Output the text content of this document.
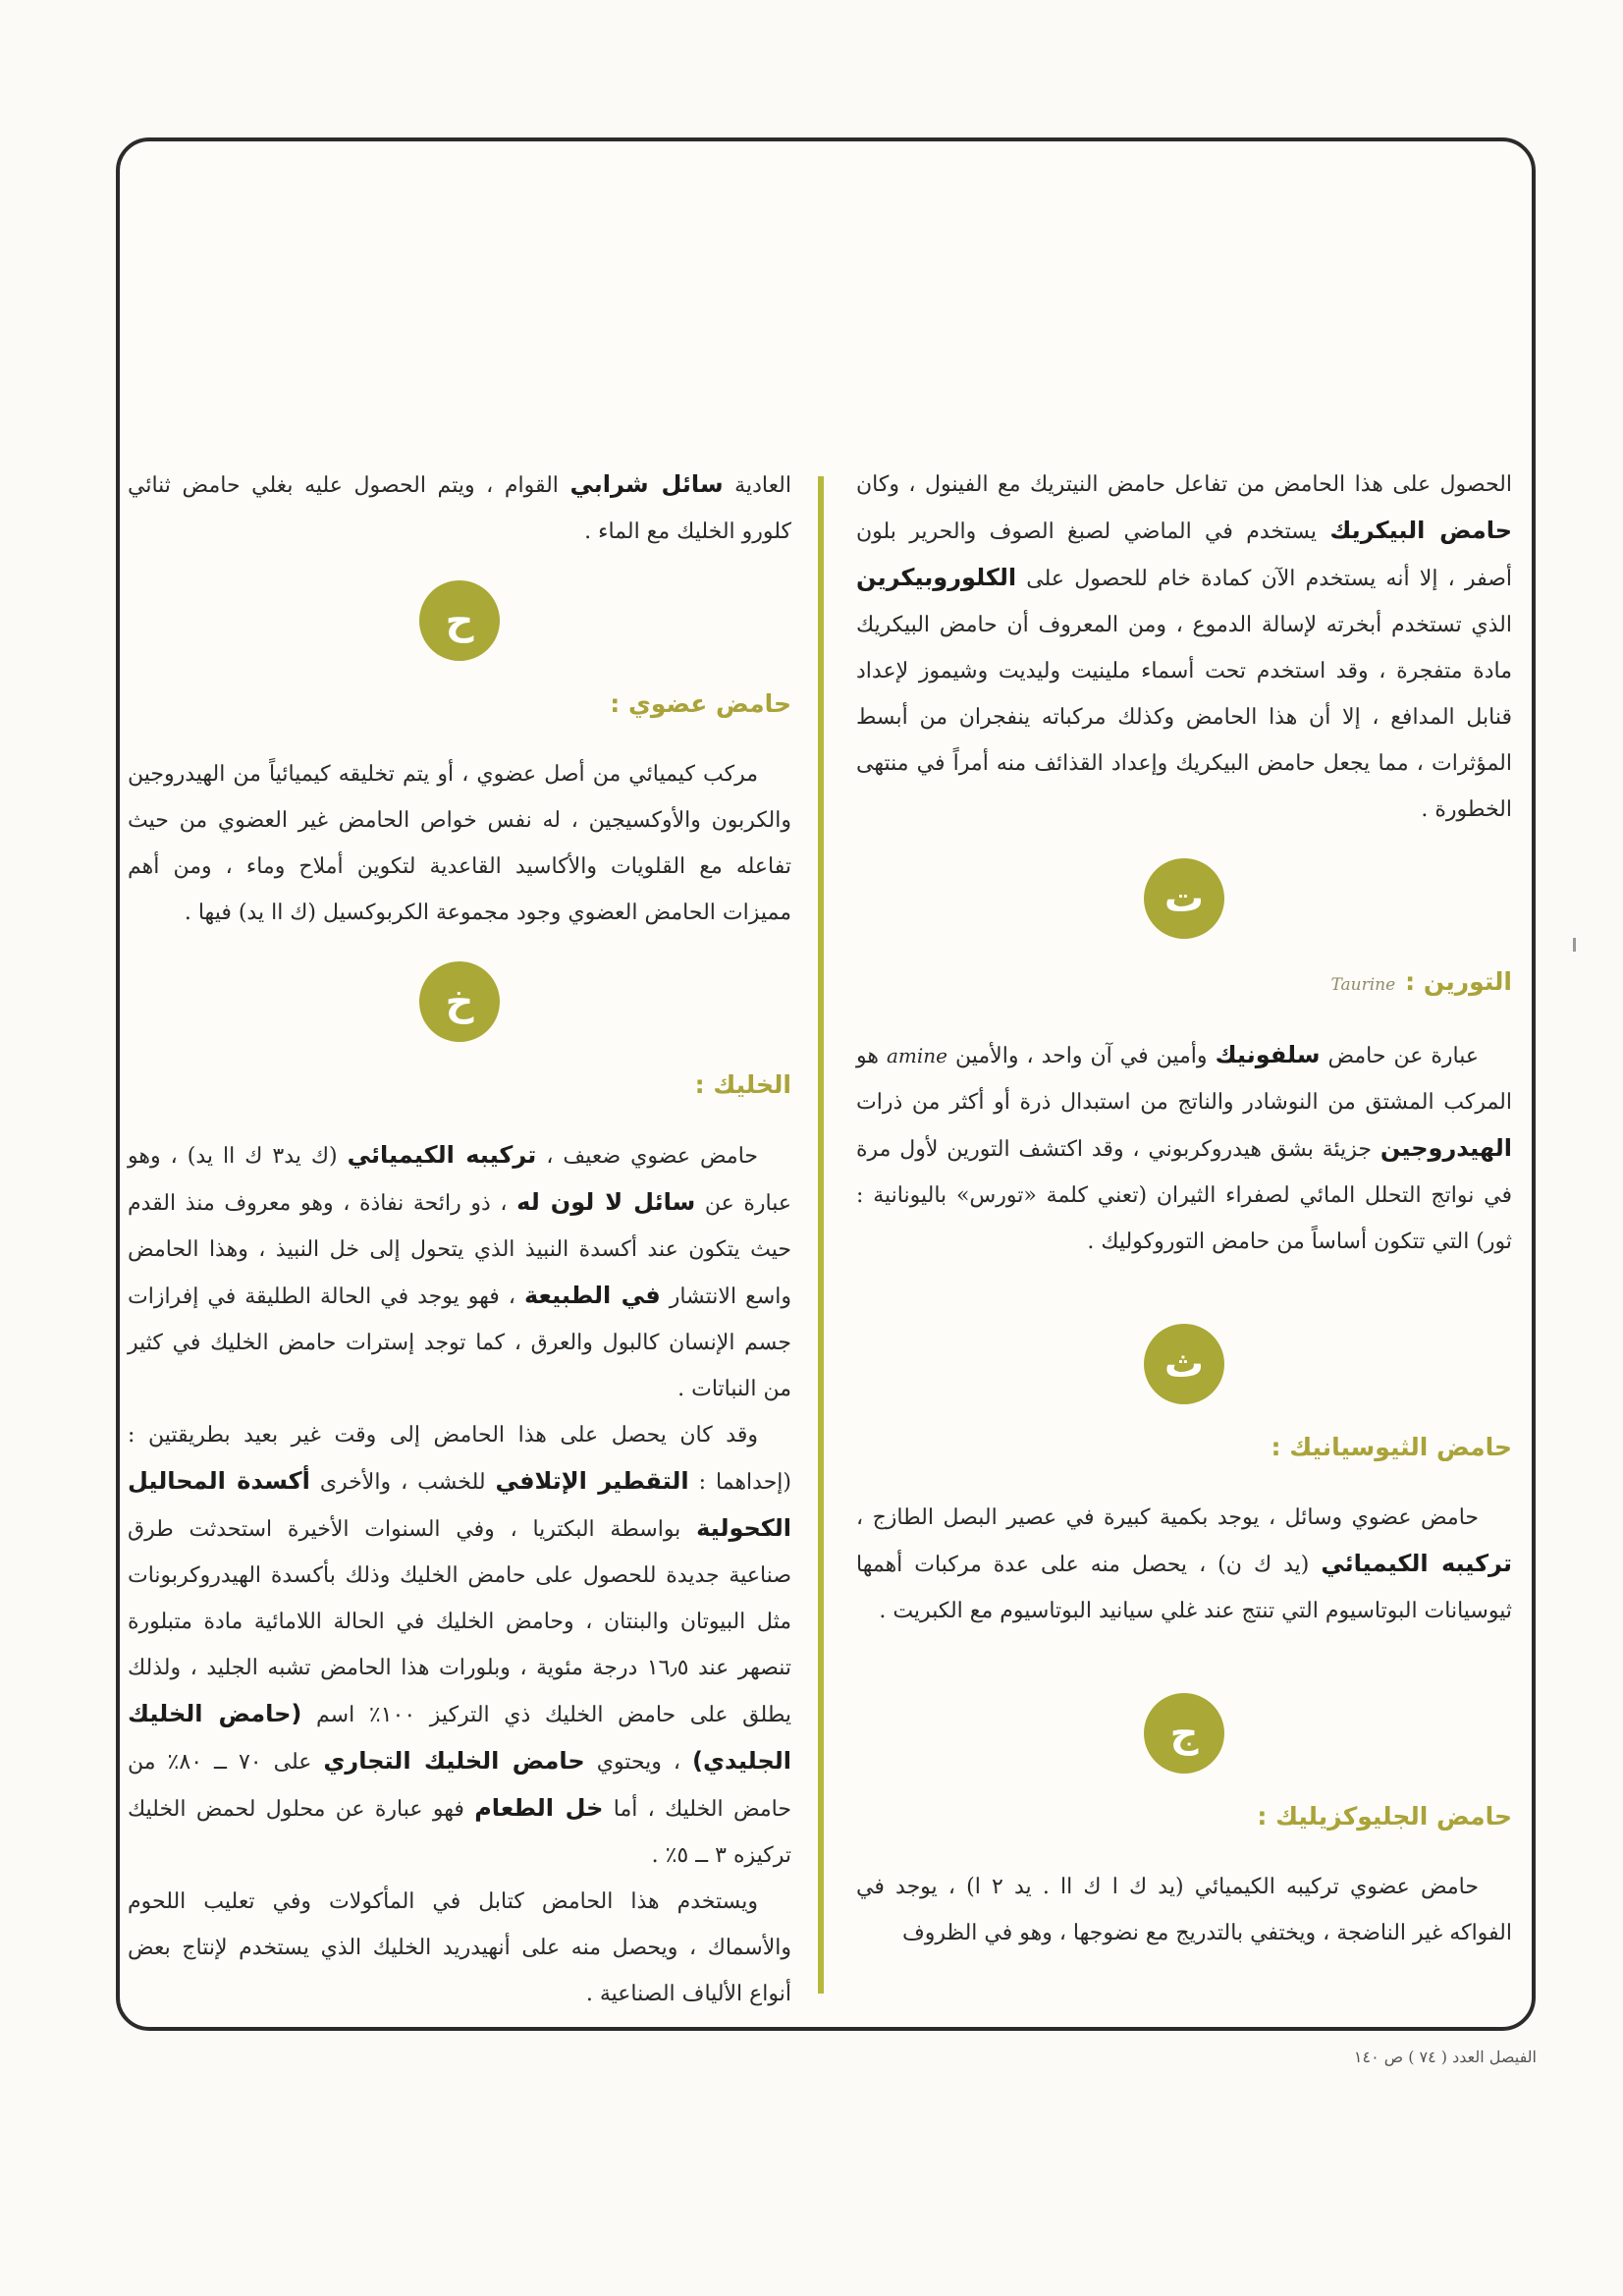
الحصول على هذا الحامض من تفاعل حامض النيتريك مع الفينول ، وكان حامض البيكريك يستخدم في الماضي لصبغ الصوف والحرير بلون أصفر ، إلا أنه يستخدم الآن كمادة خام للحصول على الكلوروبيكرين الذي تستخدم أبخرته لإسالة الدموع ، ومن المعروف أن حامض البيكريك مادة متفجرة ، وقد استخدم تحت أسماء ملينيت وليديت وشيموز لإعداد قنابل المدافع ، إلا أن هذا الحامض وكذلك مركباته ينفجران من أبسط المؤثرات ، مما يجعل حامض البيكريك وإعداد القذائف منه أمراً في منتهى الخطورة .

ت
التورين :Taurine

عبارة عن حامض سلفونيك وأمين في آن واحد ، والأمين amine هو المركب المشتق من النوشادر والناتج من استبدال ذرة أو أكثر من ذرات الهيدروجين جزيئة بشق هيدروكربوني ، وقد اكتشف التورين لأول مرة في نواتج التحلل المائي لصفراء الثيران (تعني كلمة «تورس» باليونانية : ثور) التي تتكون أساساً من حامض التوروكوليك .

ث
حامض الثيوسيانيك :

حامض عضوي وسائل ، يوجد بكمية كبيرة في عصير البصل الطازج ، تركيبه الكيميائي (يد ك ن) ، يحصل منه على عدة مركبات أهمها ثيوسيانات البوتاسيوم التي تنتج عند غلي سيانيد البوتاسيوم مع الكبريت .

ج
حامض الجليوكزيليك :

حامض عضوي تركيبه الكيميائي (يد ك ا ك اا . يد ٢ ا) ، يوجد في الفواكه غير الناضجة ، ويختفي بالتدريج مع نضوجها ، وهو في الظروف

العادية سائل شرابي القوام ، ويتم الحصول عليه بغلي حامض ثنائي كلورو الخليك مع الماء .

ح
حامض عضوي :

مركب كيميائي من أصل عضوي ، أو يتم تخليقه كيميائياً من الهيدروجين والكربون والأوكسيجين ، له نفس خواص الحامض غير العضوي من حيث تفاعله مع القلويات والأكاسيد القاعدية لتكوين أملاح وماء ، ومن أهم مميزات الحامض العضوي وجود مجموعة الكربوكسيل (ك اا يد) فيها .

خ
الخليك :

حامض عضوي ضعيف ، تركيبه الكيميائي (ك يد٣ ك اا يد) ، وهو عبارة عن سائل لا لون له ، ذو رائحة نفاذة ، وهو معروف منذ القدم حيث يتكون عند أكسدة النبيذ الذي يتحول إلى خل النبيذ ، وهذا الحامض واسع الانتشار في الطبيعة ، فهو يوجد في الحالة الطليقة في إفرازات جسم الإنسان كالبول والعرق ، كما توجد إسترات حامض الخليك في كثير من النباتات .

وقد كان يحصل على هذا الحامض إلى وقت غير بعيد بطريقتين : (إحداهما : التقطير الإتلافي للخشب ، والأخرى أكسدة المحاليل الكحولية بواسطة البكتريا ، وفي السنوات الأخيرة استحدثت طرق صناعية جديدة للحصول على حامض الخليك وذلك بأكسدة الهيدروكربونات مثل البيوتان والبنتان ، وحامض الخليك في الحالة اللامائية مادة متبلورة تنصهر عند ١٦٫٥ درجة مئوية ، وبلورات هذا الحامض تشبه الجليد ، ولذلك يطلق على حامض الخليك ذي التركيز ١٠٠٪ اسم (حامض الخليك الجليدي) ، ويحتوي حامض الخليك التجاري على ٧٠ ــ ٨٠٪ من حامض الخليك ، أما خل الطعام فهو عبارة عن محلول لحمض الخليك تركيزه ٣ ــ ٥٪ .

ويستخدم هذا الحامض كتابل في المأكولات وفي تعليب اللحوم والأسماك ، ويحصل منه على أنهيدريد الخليك الذي يستخدم لإنتاج بعض أنواع الألياف الصناعية .

الفيصل العدد ( ٧٤ ) ص ١٤٠
